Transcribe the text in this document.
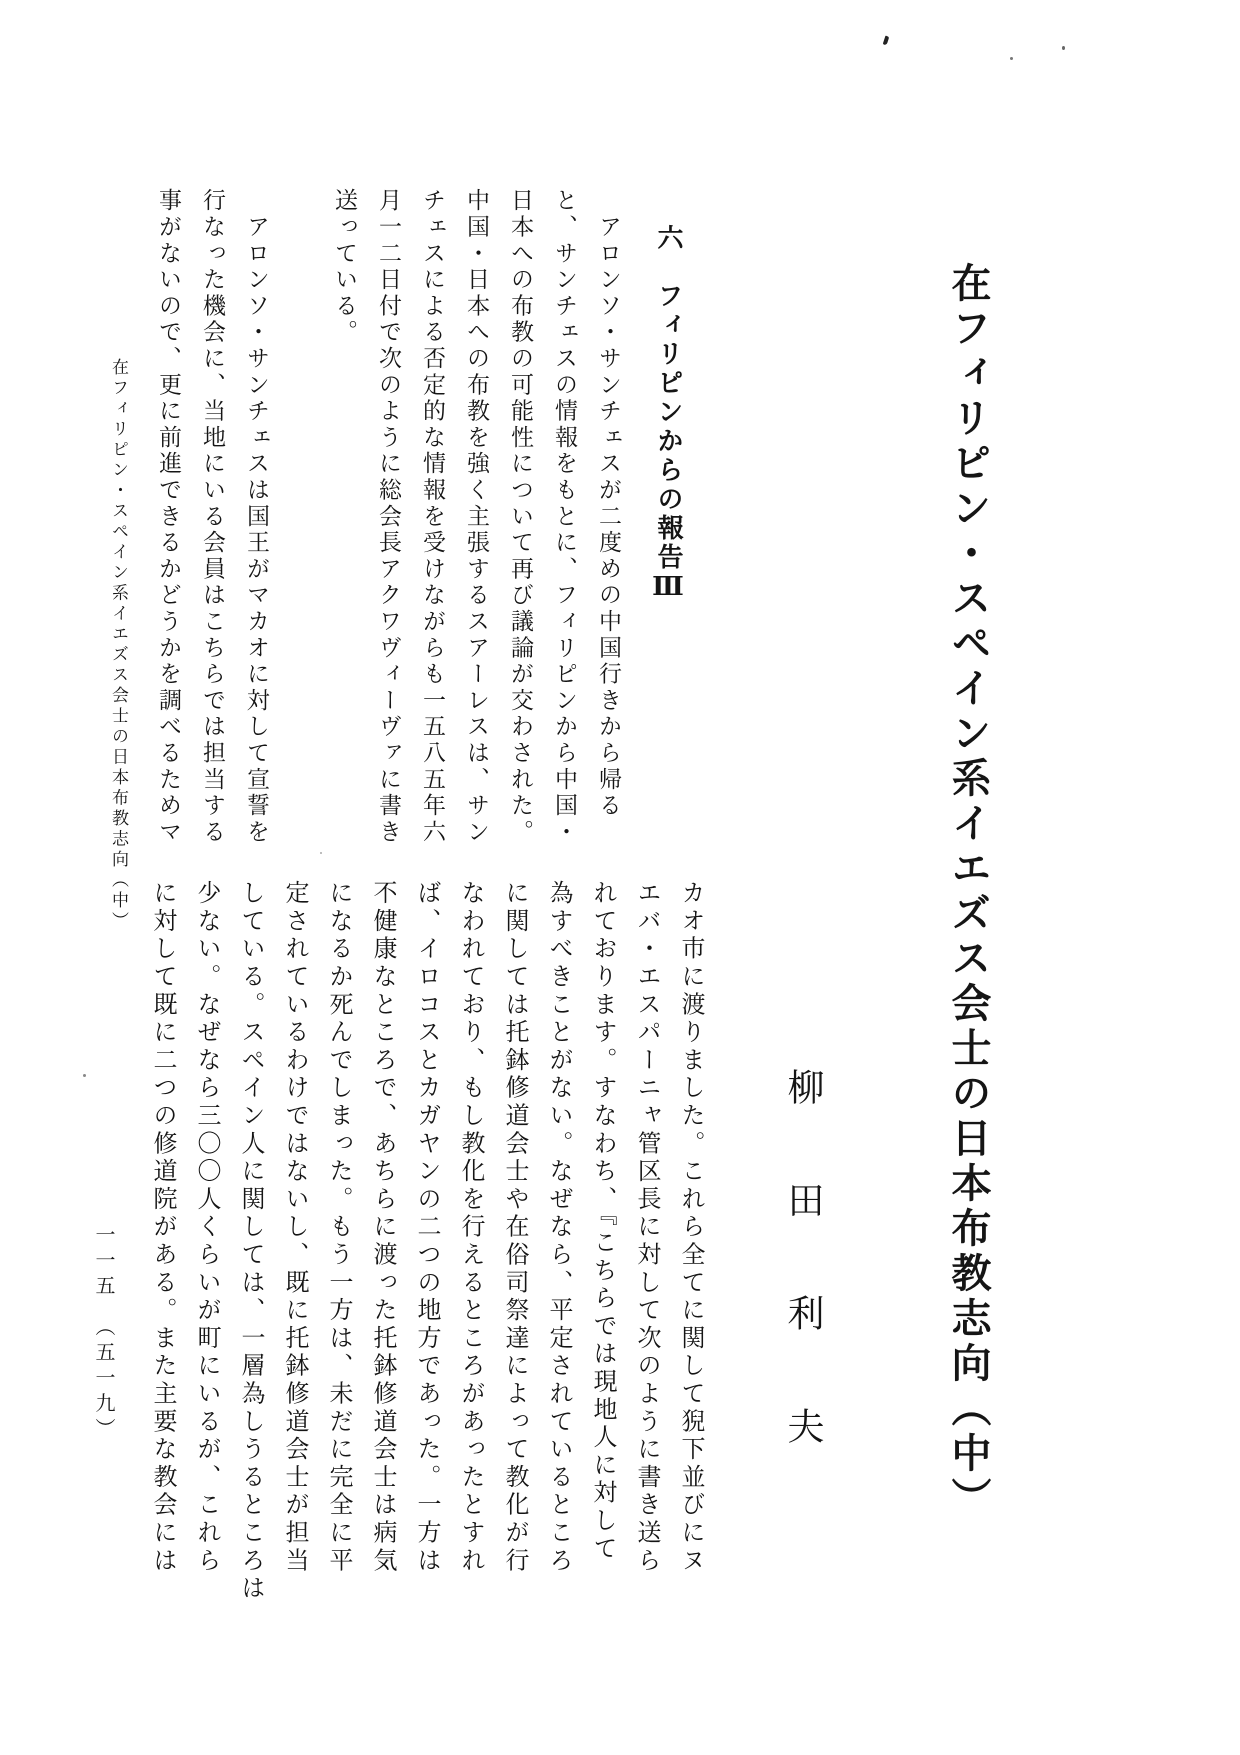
在フィリピン・スペイン系イエズス会士の日本布教志向（中）
柳田利夫
六　フィリピンからの報告Ⅲ

　アロンソ・サンチェスが二度めの中国行きから帰る

と、サンチェスの情報をもとに、フィリピンから中国・

日本への布教の可能性について再び議論が交わされた。

中国・日本への布教を強く主張するスアーレスは、サン

チェスによる否定的な情報を受けながらも一五八五年六

月一二日付で次のように総会長アクワヴィーヴァに書き

送っている。

　アロンソ・サンチェスは国王がマカオに対して宣誓を

行なった機会に、当地にいる会員はこちらでは担当する

事がないので、更に前進できるかどうかを調べるためマ

カオ市に渡りました。これら全てに関して猊下並びにヌ

エバ・エスパーニャ管区長に対して次のように書き送ら

れております。すなわち、『こちらでは現地人に対して

為すべきことがない。なぜなら、平定されているところ

に関しては托鉢修道会士や在俗司祭達によって教化が行

なわれており、もし教化を行えるところがあったとすれ

ば、イロコスとカガヤンの二つの地方であった。一方は

不健康なところで、あちらに渡った托鉢修道会士は病気

になるか死んでしまった。もう一方は、未だに完全に平

定されているわけではないし、既に托鉢修道会士が担当

している。スペイン人に関しては、一層為しうるところは

少ない。なぜなら三〇〇人くらいが町にいるが、これら

に対して既に二つの修道院がある。また主要な教会には

在フィリピン・スペイン系イエズス会士の日本布教志向（中）
一一五　（五一九）
